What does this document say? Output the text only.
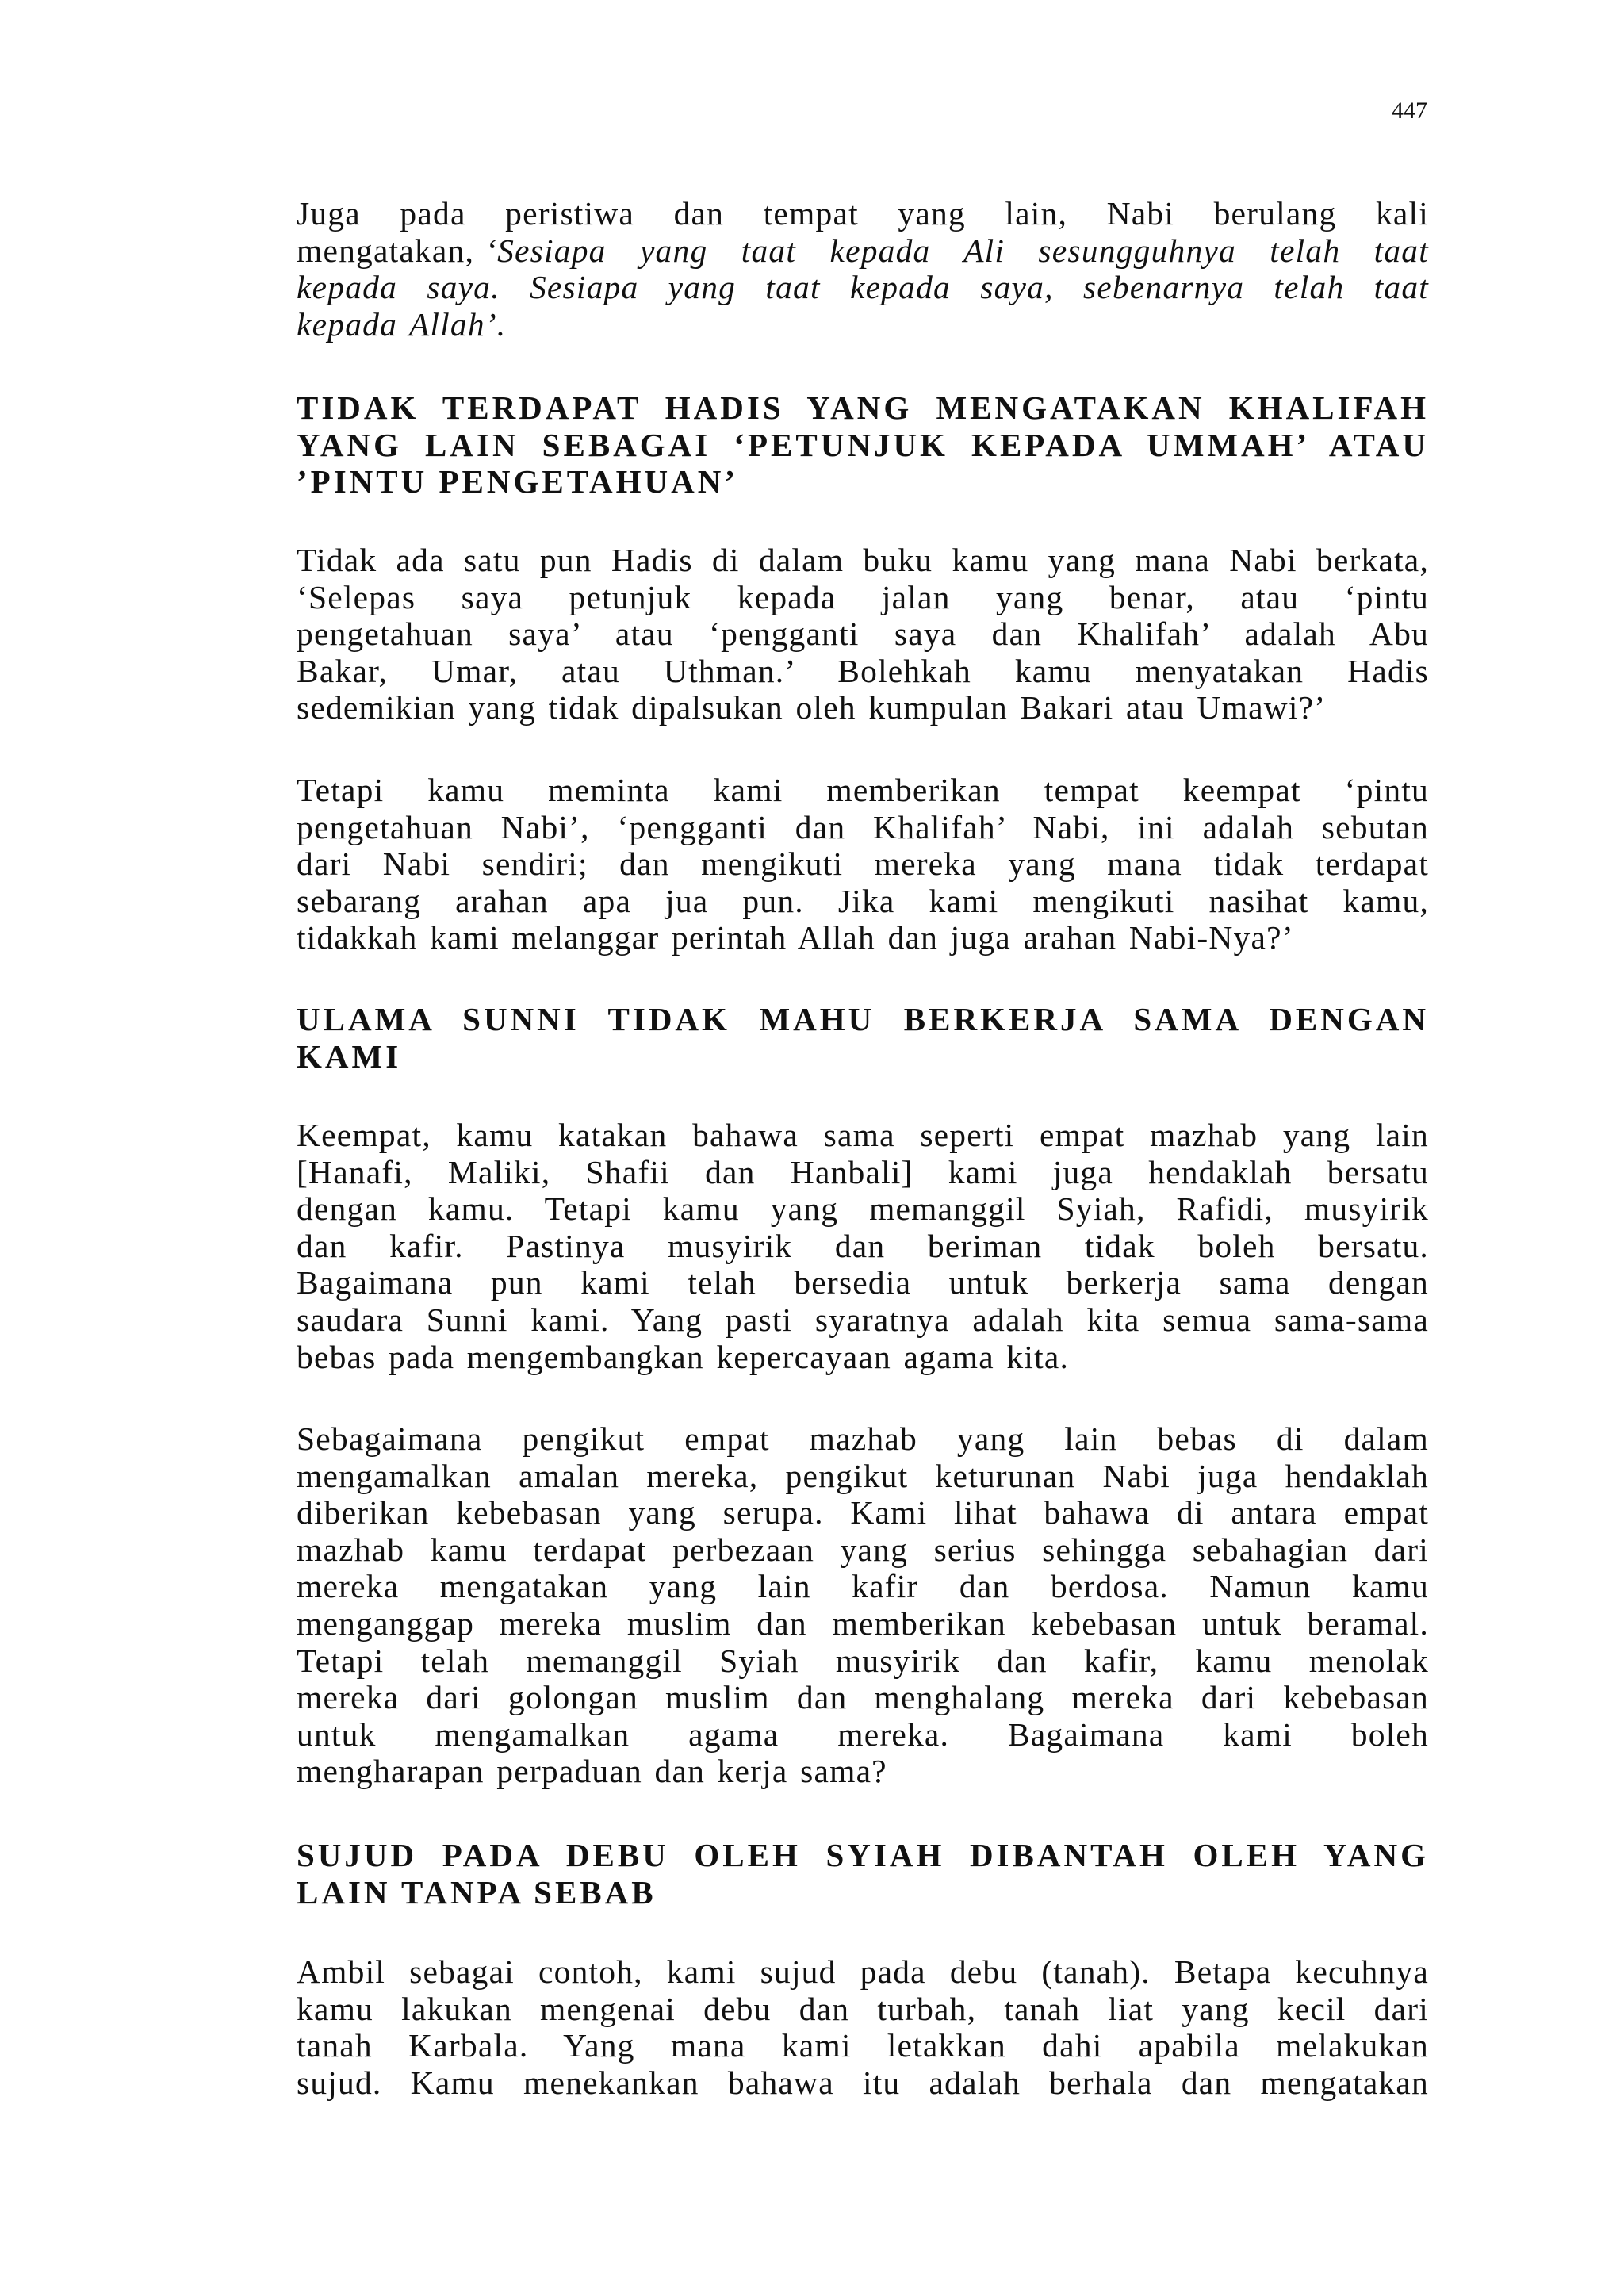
447
Juga pada peristiwa dan tempat yang lain, Nabi berulang kali
mengatakan, ‘Sesiapa yang taat kepada Ali sesungguhnya telah taat
kepada saya. Sesiapa yang taat kepada saya, sebenarnya telah taat
kepada Allah’.
TIDAK TERDAPAT HADIS YANG MENGATAKAN KHALIFAH
YANG LAIN SEBAGAI ‘PETUNJUK KEPADA UMMAH’ ATAU
’PINTU PENGETAHUAN’
Tidak ada satu pun Hadis di dalam buku kamu yang mana Nabi berkata,
‘Selepas saya petunjuk kepada jalan yang benar, atau ‘pintu
pengetahuan saya’ atau ‘pengganti saya dan Khalifah’ adalah Abu
Bakar, Umar, atau Uthman.’ Bolehkah kamu menyatakan Hadis
sedemikian yang tidak dipalsukan oleh kumpulan Bakari atau Umawi?’
Tetapi kamu meminta kami memberikan tempat keempat ‘pintu
pengetahuan Nabi’, ‘pengganti dan Khalifah’ Nabi, ini adalah sebutan
dari Nabi sendiri; dan mengikuti mereka yang mana tidak terdapat
sebarang arahan apa jua pun. Jika kami mengikuti nasihat kamu,
tidakkah kami melanggar perintah Allah dan juga arahan Nabi-Nya?’
ULAMA SUNNI TIDAK MAHU BERKERJA SAMA DENGAN
KAMI
Keempat, kamu katakan bahawa sama seperti empat mazhab yang lain
[Hanafi, Maliki, Shafii dan Hanbali] kami juga hendaklah bersatu
dengan kamu. Tetapi kamu yang memanggil Syiah, Rafidi, musyirik
dan kafir. Pastinya musyirik dan beriman tidak boleh bersatu.
Bagaimana pun kami telah bersedia untuk berkerja sama dengan
saudara Sunni kami. Yang pasti syaratnya adalah kita semua sama-sama
bebas pada mengembangkan kepercayaan agama kita.
Sebagaimana pengikut empat mazhab yang lain bebas di dalam
mengamalkan amalan mereka, pengikut keturunan Nabi juga hendaklah
diberikan kebebasan yang serupa. Kami lihat bahawa di antara empat
mazhab kamu terdapat perbezaan yang serius sehingga sebahagian dari
mereka mengatakan yang lain kafir dan berdosa. Namun kamu
menganggap mereka muslim dan memberikan kebebasan untuk beramal.
Tetapi telah memanggil Syiah musyirik dan kafir, kamu menolak
mereka dari golongan muslim dan menghalang mereka dari kebebasan
untuk mengamalkan agama mereka. Bagaimana kami boleh
mengharapan perpaduan dan kerja sama?
SUJUD PADA DEBU OLEH SYIAH DIBANTAH OLEH YANG
LAIN TANPA SEBAB
Ambil sebagai contoh, kami sujud pada debu (tanah). Betapa kecuhnya
kamu lakukan mengenai debu dan turbah, tanah liat yang kecil dari
tanah Karbala. Yang mana kami letakkan dahi apabila melakukan
sujud. Kamu menekankan bahawa itu adalah berhala dan mengatakan
